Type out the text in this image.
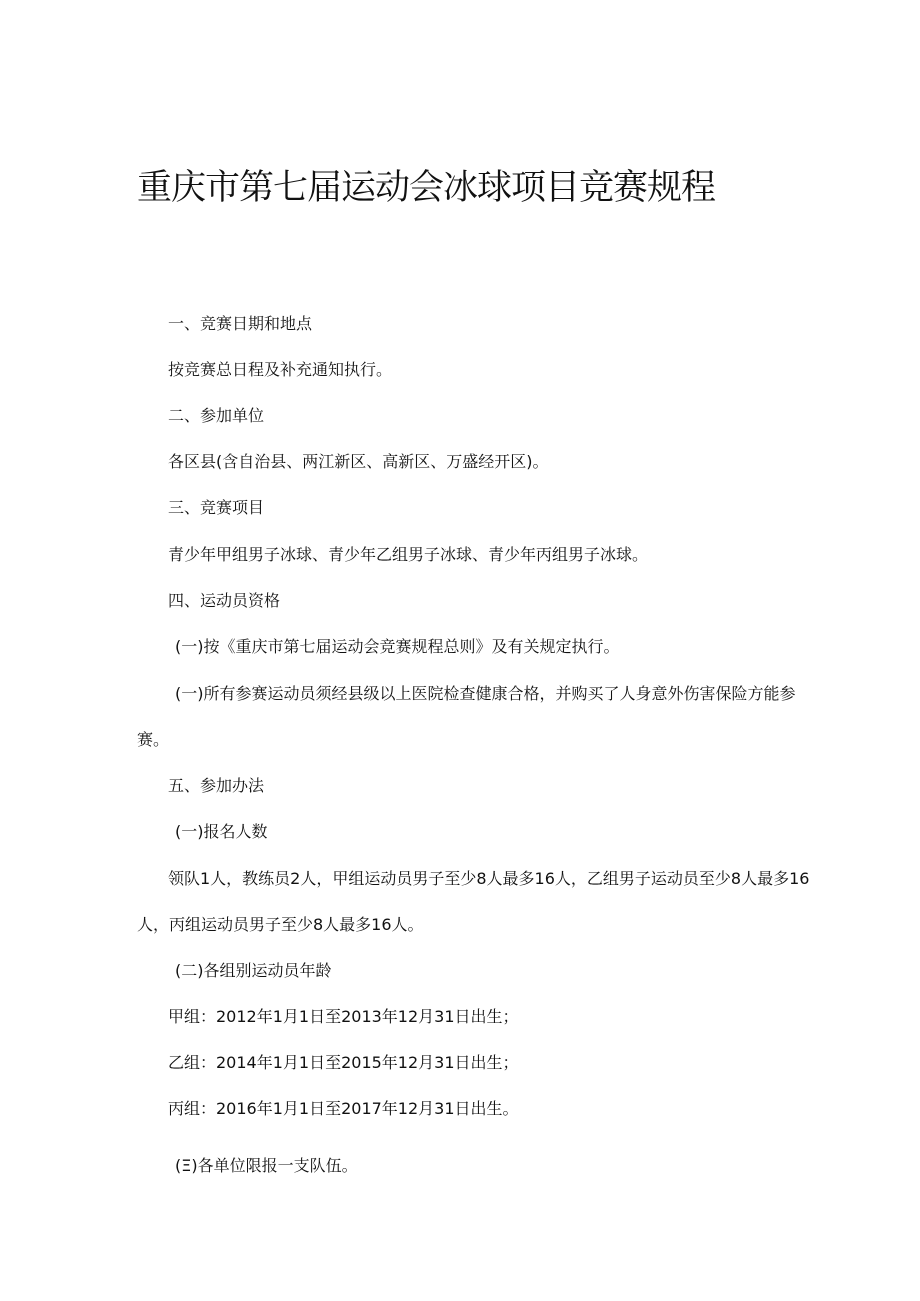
重庆市第七届运动会冰球项目竞赛规程

一、竞赛日期和地点

按竞赛总日程及补充通知执行。

二、参加单位

各区县(含自治县、两江新区、高新区、万盛经开区)。

三、竞赛项目

青少年甲组男子冰球、青少年乙组男子冰球、青少年丙组男子冰球。

四、运动员资格

(一)按《重庆市第七届运动会竞赛规程总则》及有关规定执行。

(一)所有参赛运动员须经县级以上医院检查健康合格，并购买了人身意外伤害保险方能参

赛。

五、参加办法

(一)报名人数

领队1人，教练员2人，甲组运动员男子至少8人最多16人，乙组男子运动员至少8人最多16

人，丙组运动员男子至少8人最多16人。

(二)各组别运动员年龄

甲组：2012年1月1日至2013年12月31日出生；

乙组：2014年1月1日至2015年12月31日出生；

丙组：2016年1月1日至2017年12月31日出生。

(Ξ)各单位限报一支队伍。
